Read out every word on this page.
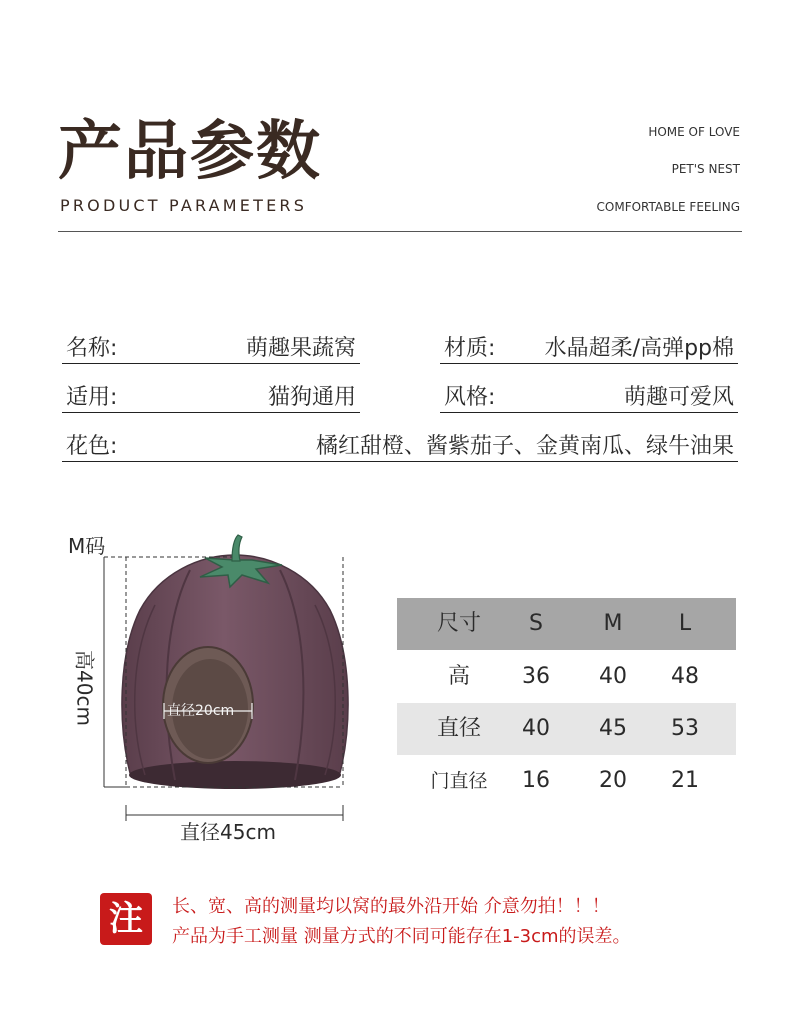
产品参数
PRODUCT PARAMETERS
HOME OF LOVE
PET'S NEST
COMFORTABLE FEELING
名称:	萌趣果蔬窝	材质: 水晶超柔/高弹pp棉
适用:	猫狗通用	风格:	萌趣可爱风
花色:	橘红甜橙、酱紫茄子、金黄南瓜、绿牛油果
M码
高40cm	直径20cm
直径45cm
尺寸 S	M	L
高 36 40 48
直径 40 45 53
门直径 16 20 21
注	长、宽、高的测量均以窝的最外沿开始 介意勿拍！！！
产品为手工测量 测量方式的不同可能存在1-3cm的误差。
